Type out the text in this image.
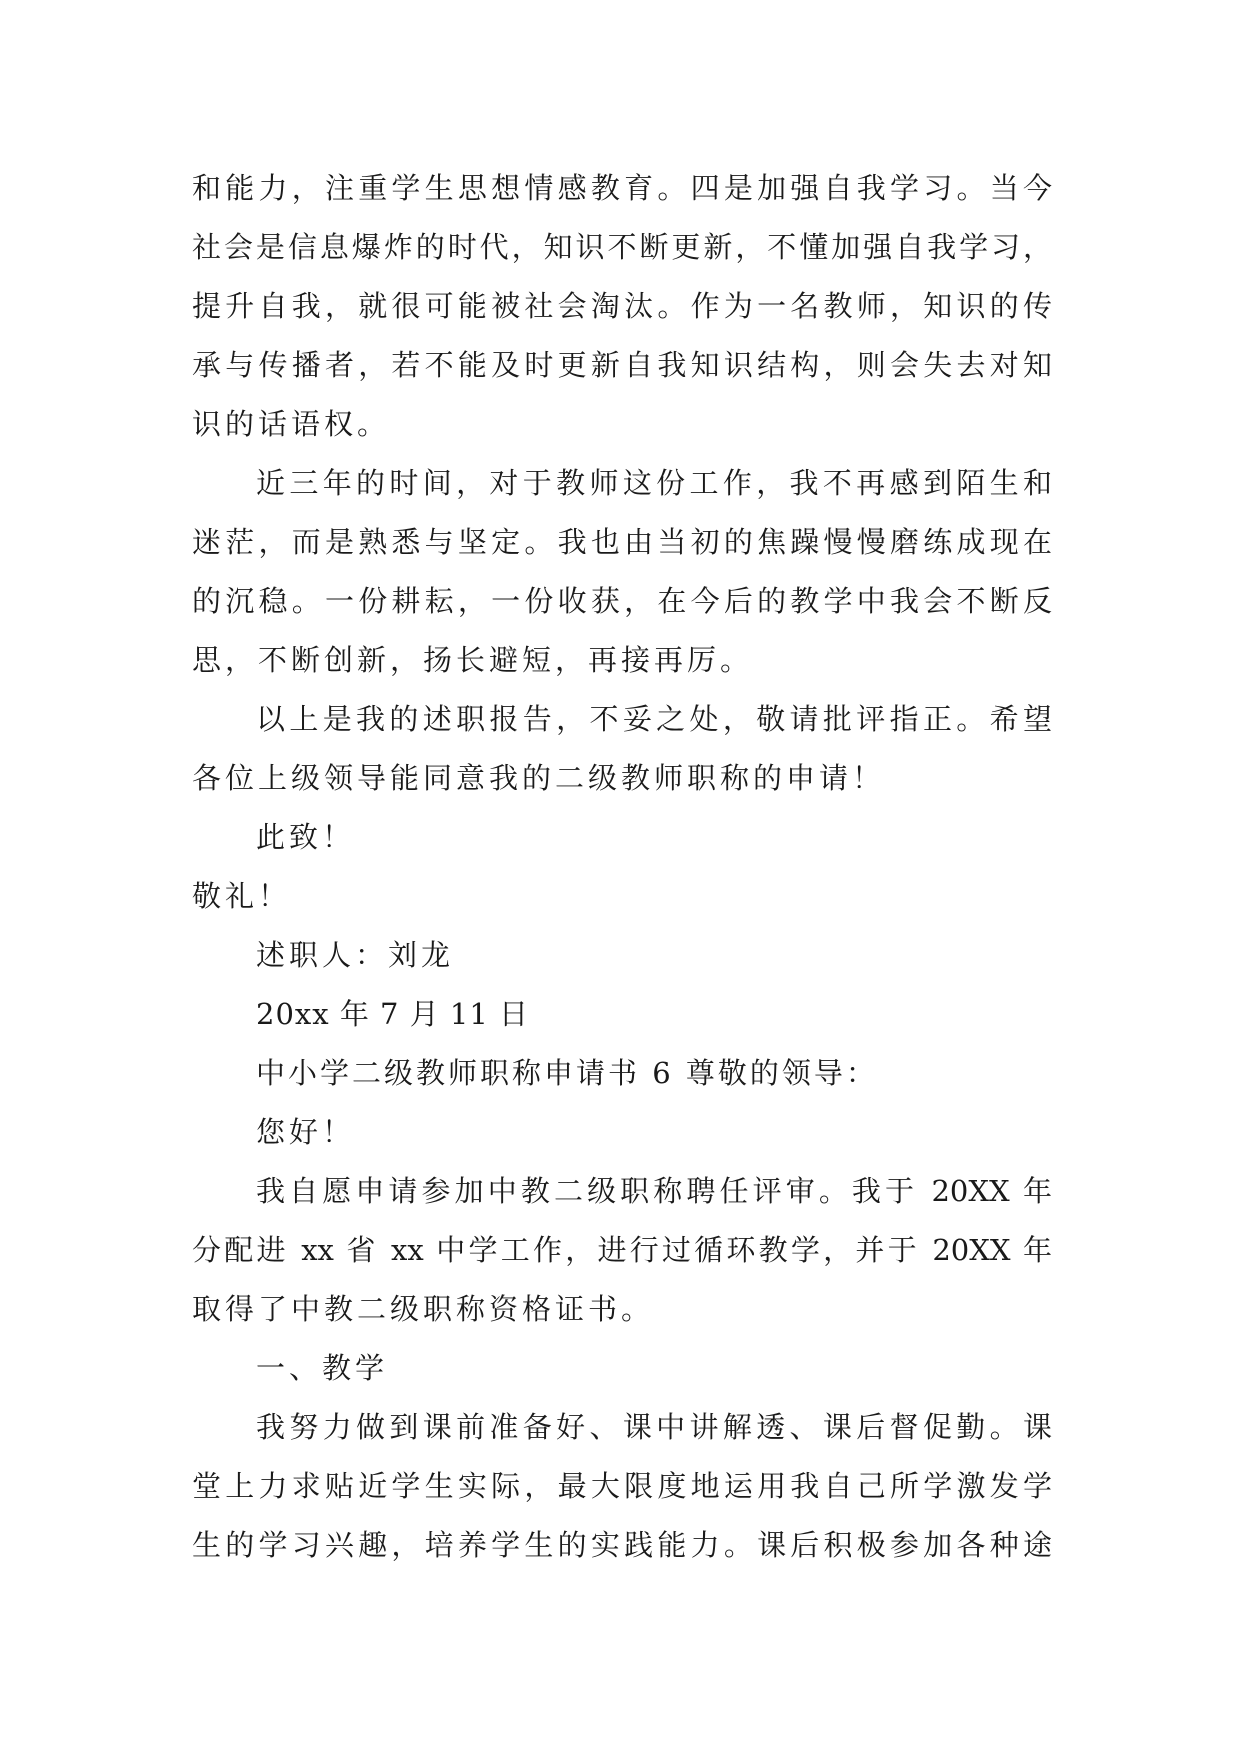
和能力，注重学生思想情感教育。四是加强自我学习。当今
社会是信息爆炸的时代，知识不断更新，不懂加强自我学习，
提升自我，就很可能被社会淘汰。作为一名教师，知识的传
承与传播者，若不能及时更新自我知识结构，则会失去对知
识的话语权。
近三年的时间，对于教师这份工作，我不再感到陌生和
迷茫，而是熟悉与坚定。我也由当初的焦躁慢慢磨练成现在
的沉稳。一份耕耘，一份收获，在今后的教学中我会不断反
思，不断创新，扬长避短，再接再厉。
以上是我的述职报告，不妥之处，敬请批评指正。希望
各位上级领导能同意我的二级教师职称的申请！
此致！
敬礼！
述职人：刘龙
20xx 年 7 月 11 日
中小学二级教师职称申请书 6 尊敬的领导：
您好！
我自愿申请参加中教二级职称聘任评审。我于 20XX 年
分配进 xx 省 xx 中学工作，进行过循环教学，并于 20XX 年
取得了中教二级职称资格证书。
一、教学
我努力做到课前准备好、课中讲解透、课后督促勤。课
堂上力求贴近学生实际，最大限度地运用我自己所学激发学
生的学习兴趣，培养学生的实践能力。课后积极参加各种途
